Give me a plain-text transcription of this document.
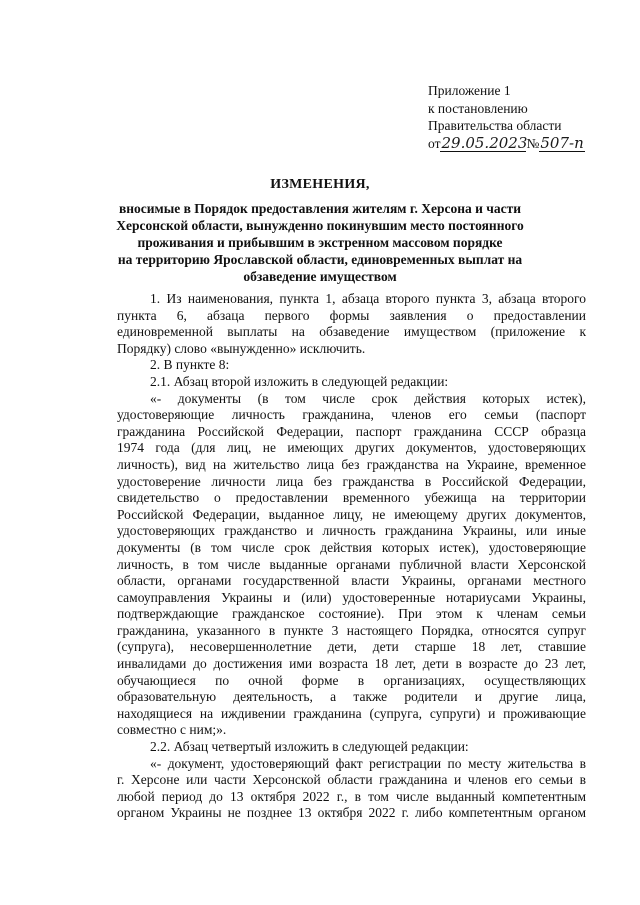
Приложение 1
к постановлению
Правительства области
от 29.05.2023 № 507-п
ИЗМЕНЕНИЯ,
вносимые в Порядок предоставления жителям г. Херсона и части
Херсонской области, вынужденно покинувшим место постоянного
проживания и прибывшим в экстренном массовом порядке
на территорию Ярославской области, единовременных выплат на
обзаведение имуществом
1. Из наименования, пункта 1, абзаца второго пункта 3, абзаца второго
пункта 6, абзаца первого формы заявления о предоставлении
единовременной выплаты на обзаведение имуществом (приложение к
Порядку) слово «вынужденно» исключить.
2. В пункте 8:
2.1. Абзац второй изложить в следующей редакции:
«- документы (в том числе срок действия которых истек),
удостоверяющие личность гражданина, членов его семьи (паспорт
гражданина Российской Федерации, паспорт гражданина СССР образца
1974 года (для лиц, не имеющих других документов, удостоверяющих
личность), вид на жительство лица без гражданства на Украине, временное
удостоверение личности лица без гражданства в Российской Федерации,
свидетельство о предоставлении временного убежища на территории
Российской Федерации, выданное лицу, не имеющему других документов,
удостоверяющих гражданство и личность гражданина Украины, или иные
документы (в том числе срок действия которых истек), удостоверяющие
личность, в том числе выданные органами публичной власти Херсонской
области, органами государственной власти Украины, органами местного
самоуправления Украины и (или) удостоверенные нотариусами Украины,
подтверждающие гражданское состояние). При этом к членам семьи
гражданина, указанного в пункте 3 настоящего Порядка, относятся супруг
(супруга), несовершеннолетние дети, дети старше 18 лет, ставшие
инвалидами до достижения ими возраста 18 лет, дети в возрасте до 23 лет,
обучающиеся по очной форме в организациях, осуществляющих
образовательную деятельность, а также родители и другие лица,
находящиеся на иждивении гражданина (супруга, супруги) и проживающие
совместно с ним;».
2.2. Абзац четвертый изложить в следующей редакции:
«- документ, удостоверяющий факт регистрации по месту жительства в
г. Херсоне или части Херсонской области гражданина и членов его семьи в
любой период до 13 октября 2022 г., в том числе выданный компетентным
органом Украины не позднее 13 октября 2022 г. либо компетентным органом
